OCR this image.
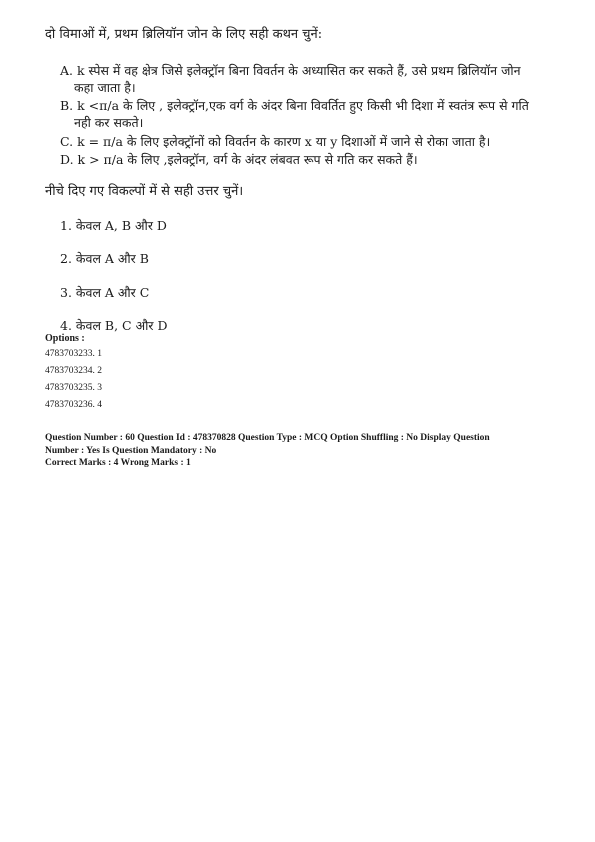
दो विमाओं में, प्रथम ब्रिलियॉन जोन के लिए सही कथन चुनें:
A. k स्पेस में वह क्षेत्र जिसे इलेक्ट्रॉन बिना विवर्तन के अध्यासित कर सकते हैं, उसे प्रथम ब्रिलियॉन जोन
कहा जाता है।
B. k <π/a के लिए , इलेक्ट्रॉन,एक वर्ग के अंदर बिना विवर्तित हुए किसी भी दिशा में स्वतंत्र रूप से गति
नही कर सकते।
C. k = π/a के लिए इलेक्ट्रॉनों को विवर्तन के कारण x या y दिशाओं में जाने से रोका जाता है।
D. k > π/a के लिए ,इलेक्ट्रॉन, वर्ग के अंदर लंबवत रूप से गति कर सकते हैं।
नीचे दिए गए विकल्पों में से सही उत्तर चुनें।
1. केवल A, B और D
2. केवल A और B
3. केवल A और C
4. केवल B, C और D
Options :
4783703233. 1
4783703234. 2
4783703235. 3
4783703236. 4
Question Number : 60 Question Id : 478370828 Question Type : MCQ Option Shuffling : No Display Question
Number : Yes Is Question Mandatory : No
Correct Marks : 4 Wrong Marks : 1
